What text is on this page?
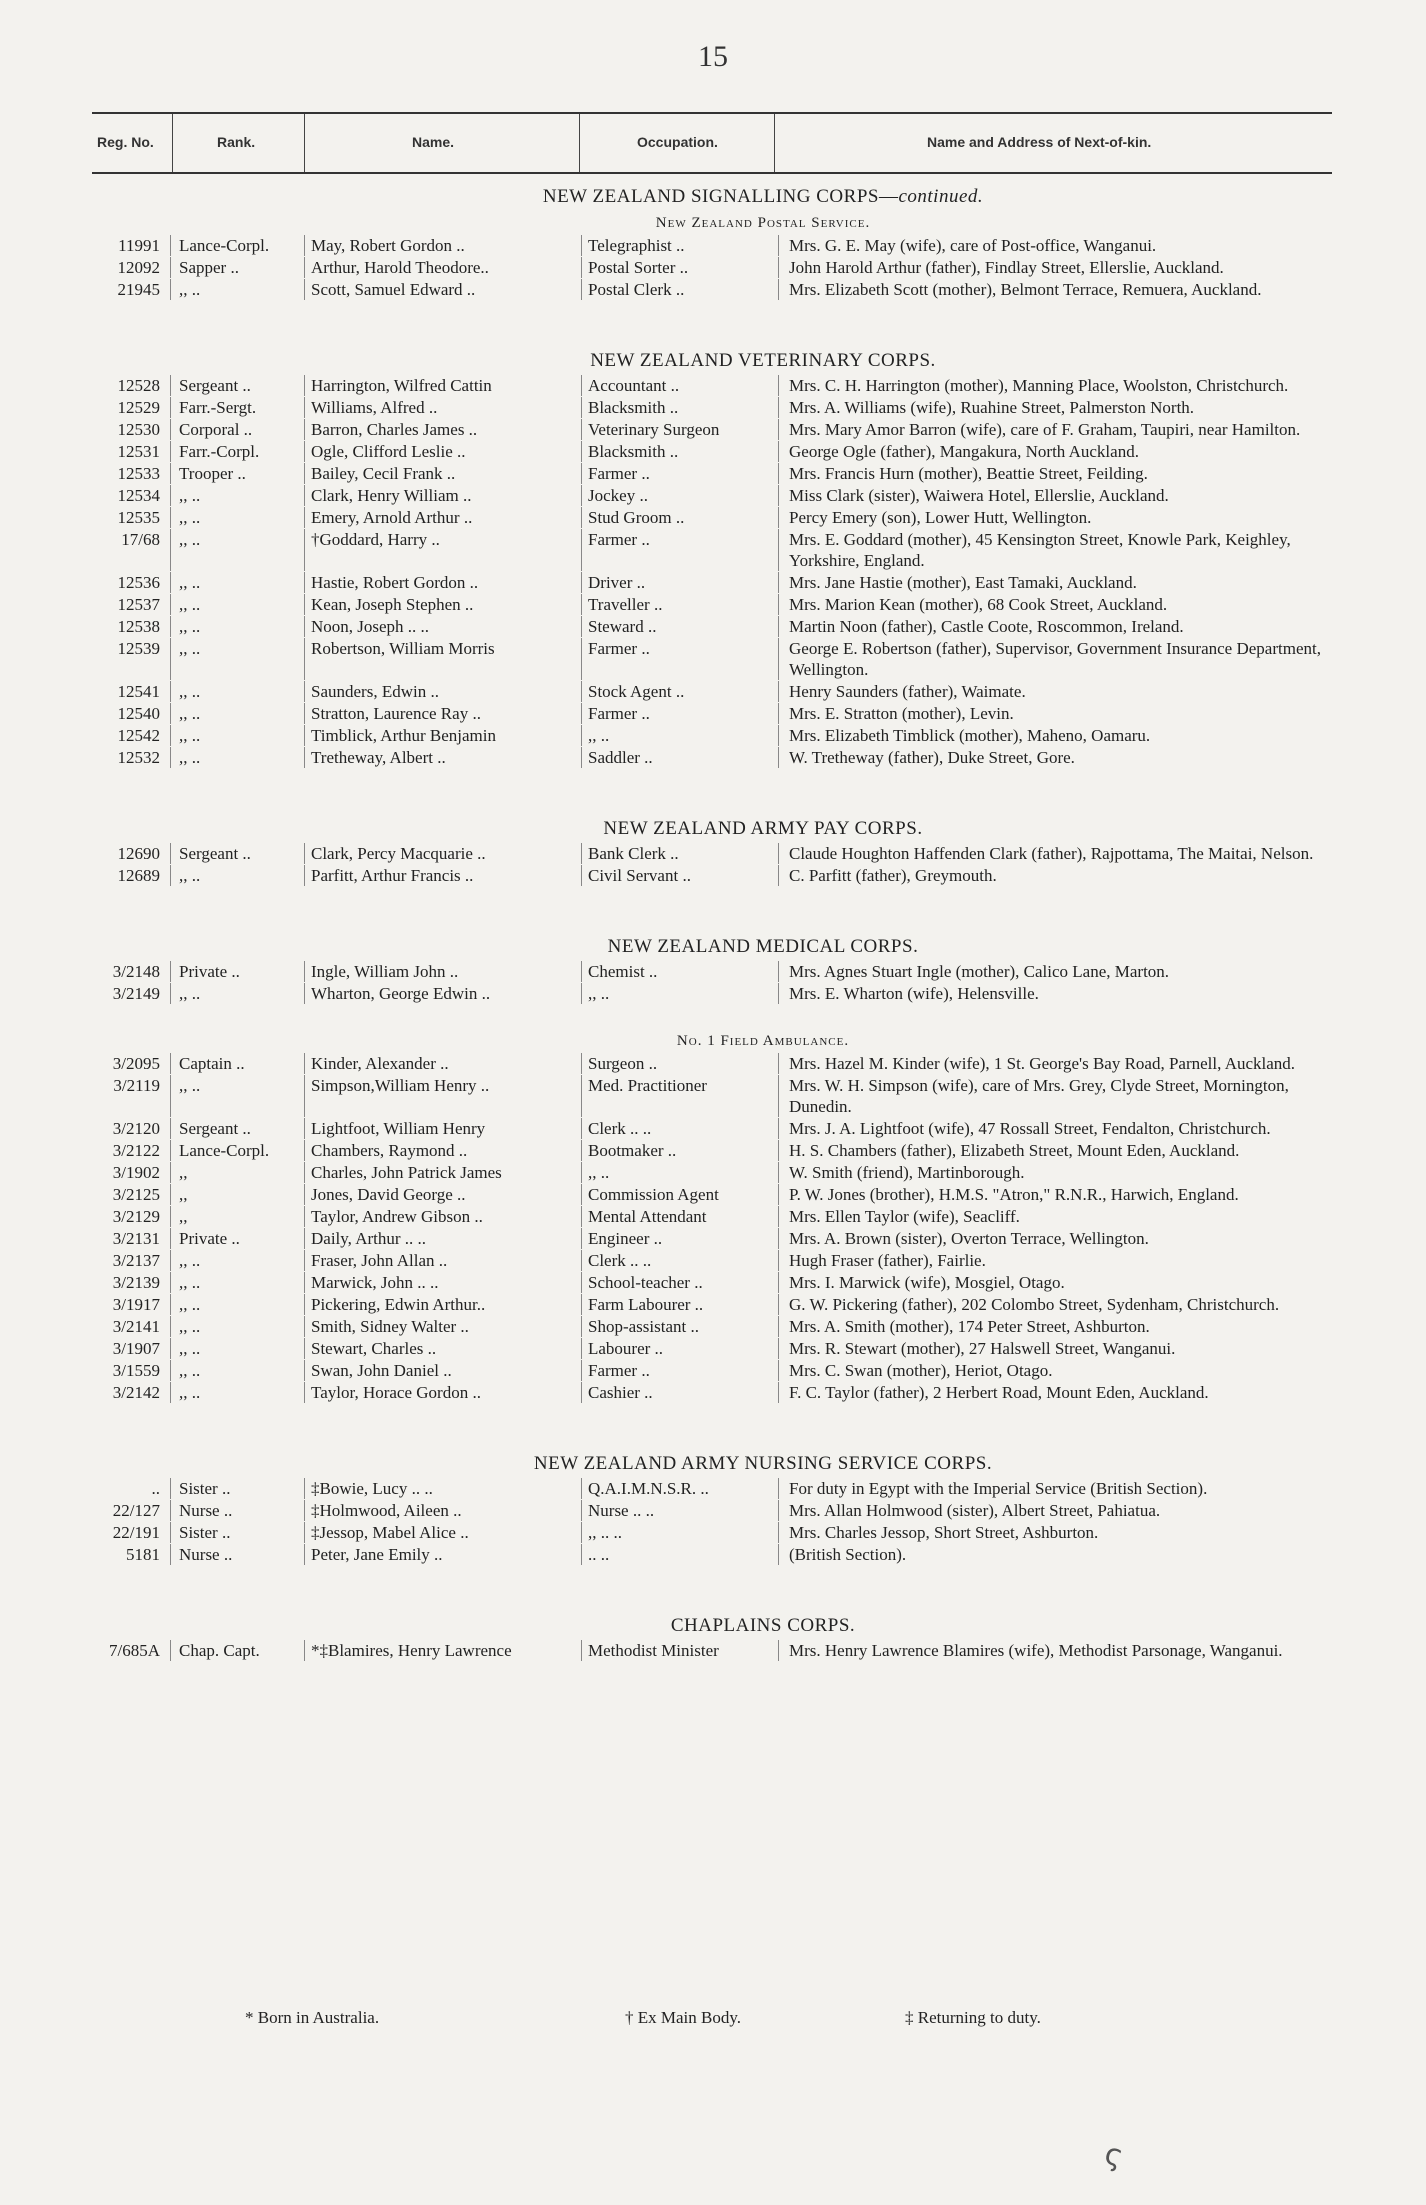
15
Reg. No.	Rank.	Name.	Occupation.	Name and Address of Next-of-kin.
NEW ZEALAND SIGNALLING CORPS—continued.
New Zealand Postal Service.
11991	Lance-Corpl.	May, Robert Gordon ..	Telegraphist ..	Mrs. G. E. May (wife), care of Post-office, Wanganui.
12092	Sapper ..	Arthur, Harold Theodore..	Postal Sorter ..	John Harold Arthur (father), Findlay Street, Ellerslie, Auckland.
21945	,, ..	Scott, Samuel Edward ..	Postal Clerk ..	Mrs. Elizabeth Scott (mother), Belmont Terrace, Remuera, Auckland.
NEW ZEALAND VETERINARY CORPS.
12528	Sergeant ..	Harrington, Wilfred Cattin	Accountant ..	Mrs. C. H. Harrington (mother), Manning Place, Woolston, Christchurch.
12529	Farr.-Sergt.	Williams, Alfred ..	Blacksmith ..	Mrs. A. Williams (wife), Ruahine Street, Palmerston North.
12530	Corporal ..	Barron, Charles James ..	Veterinary Surgeon	Mrs. Mary Amor Barron (wife), care of F. Graham, Taupiri, near Hamilton.
12531	Farr.-Corpl.	Ogle, Clifford Leslie ..	Blacksmith ..	George Ogle (father), Mangakura, North Auckland.
12533	Trooper ..	Bailey, Cecil Frank ..	Farmer ..	Mrs. Francis Hurn (mother), Beattie Street, Feilding.
12534	,, ..	Clark, Henry William ..	Jockey ..	Miss Clark (sister), Waiwera Hotel, Ellerslie, Auckland.
12535	,, ..	Emery, Arnold Arthur ..	Stud Groom ..	Percy Emery (son), Lower Hutt, Wellington.
17/68	,, ..	†Goddard, Harry ..	Farmer ..	Mrs. E. Goddard (mother), 45 Kensington Street, Knowle Park, Keighley, Yorkshire, England.
12536	,, ..	Hastie, Robert Gordon ..	Driver ..	Mrs. Jane Hastie (mother), East Tamaki, Auckland.
12537	,, ..	Kean, Joseph Stephen ..	Traveller ..	Mrs. Marion Kean (mother), 68 Cook Street, Auckland.
12538	,, ..	Noon, Joseph .. ..	Steward ..	Martin Noon (father), Castle Coote, Roscommon, Ireland.
12539	,, ..	Robertson, William Morris	Farmer ..	George E. Robertson (father), Supervisor, Government Insurance Department, Wellington.
12541	,, ..	Saunders, Edwin ..	Stock Agent ..	Henry Saunders (father), Waimate.
12540	,, ..	Stratton, Laurence Ray ..	Farmer ..	Mrs. E. Stratton (mother), Levin.
12542	,, ..	Timblick, Arthur Benjamin	,, ..	Mrs. Elizabeth Timblick (mother), Maheno, Oamaru.
12532	,, ..	Tretheway, Albert ..	Saddler ..	W. Tretheway (father), Duke Street, Gore.
NEW ZEALAND ARMY PAY CORPS.
12690	Sergeant ..	Clark, Percy Macquarie ..	Bank Clerk ..	Claude Houghton Haffenden Clark (father), Rajpottama, The Maitai, Nelson.
12689	,, ..	Parfitt, Arthur Francis ..	Civil Servant ..	C. Parfitt (father), Greymouth.
NEW ZEALAND MEDICAL CORPS.
3/2148	Private ..	Ingle, William John ..	Chemist ..	Mrs. Agnes Stuart Ingle (mother), Calico Lane, Marton.
3/2149	,, ..	Wharton, George Edwin ..	,, ..	Mrs. E. Wharton (wife), Helensville.
No. 1 Field Ambulance.
3/2095	Captain ..	Kinder, Alexander ..	Surgeon ..	Mrs. Hazel M. Kinder (wife), 1 St. George's Bay Road, Parnell, Auckland.
3/2119	,, ..	Simpson,William Henry ..	Med. Practitioner	Mrs. W. H. Simpson (wife), care of Mrs. Grey, Clyde Street, Mornington, Dunedin.
3/2120	Sergeant ..	Lightfoot, William Henry	Clerk .. ..	Mrs. J. A. Lightfoot (wife), 47 Rossall Street, Fendalton, Christchurch.
3/2122	Lance-Corpl.	Chambers, Raymond ..	Bootmaker ..	H. S. Chambers (father), Elizabeth Street, Mount Eden, Auckland.
3/1902	,,	Charles, John Patrick James	,, ..	W. Smith (friend), Martinborough.
3/2125	,,	Jones, David George ..	Commission Agent	P. W. Jones (brother), H.M.S. "Atron," R.N.R., Harwich, England.
3/2129	,,	Taylor, Andrew Gibson ..	Mental Attendant	Mrs. Ellen Taylor (wife), Seacliff.
3/2131	Private ..	Daily, Arthur .. ..	Engineer ..	Mrs. A. Brown (sister), Overton Terrace, Wellington.
3/2137	,, ..	Fraser, John Allan ..	Clerk .. ..	Hugh Fraser (father), Fairlie.
3/2139	,, ..	Marwick, John .. ..	School-teacher ..	Mrs. I. Marwick (wife), Mosgiel, Otago.
3/1917	,, ..	Pickering, Edwin Arthur..	Farm Labourer ..	G. W. Pickering (father), 202 Colombo Street, Sydenham, Christchurch.
3/2141	,, ..	Smith, Sidney Walter ..	Shop-assistant ..	Mrs. A. Smith (mother), 174 Peter Street, Ashburton.
3/1907	,, ..	Stewart, Charles ..	Labourer ..	Mrs. R. Stewart (mother), 27 Halswell Street, Wanganui.
3/1559	,, ..	Swan, John Daniel ..	Farmer ..	Mrs. C. Swan (mother), Heriot, Otago.
3/2142	,, ..	Taylor, Horace Gordon ..	Cashier ..	F. C. Taylor (father), 2 Herbert Road, Mount Eden, Auckland.
NEW ZEALAND ARMY NURSING SERVICE CORPS.
..	Sister ..	‡Bowie, Lucy .. ..	Q.A.I.M.N.S.R. ..	For duty in Egypt with the Imperial Service (British Section).
22/127	Nurse ..	‡Holmwood, Aileen ..	Nurse .. ..	Mrs. Allan Holmwood (sister), Albert Street, Pahiatua.
22/191	Sister ..	‡Jessop, Mabel Alice ..	,, .. ..	Mrs. Charles Jessop, Short Street, Ashburton.
5181	Nurse ..	Peter, Jane Emily ..	.. ..	(British Section).
CHAPLAINS CORPS.
7/685A	Chap. Capt.	*‡Blamires, Henry Lawrence	Methodist Minister	Mrs. Henry Lawrence Blamires (wife), Methodist Parsonage, Wanganui.
* Born in Australia.	† Ex Main Body.	‡ Returning to duty.
ς
